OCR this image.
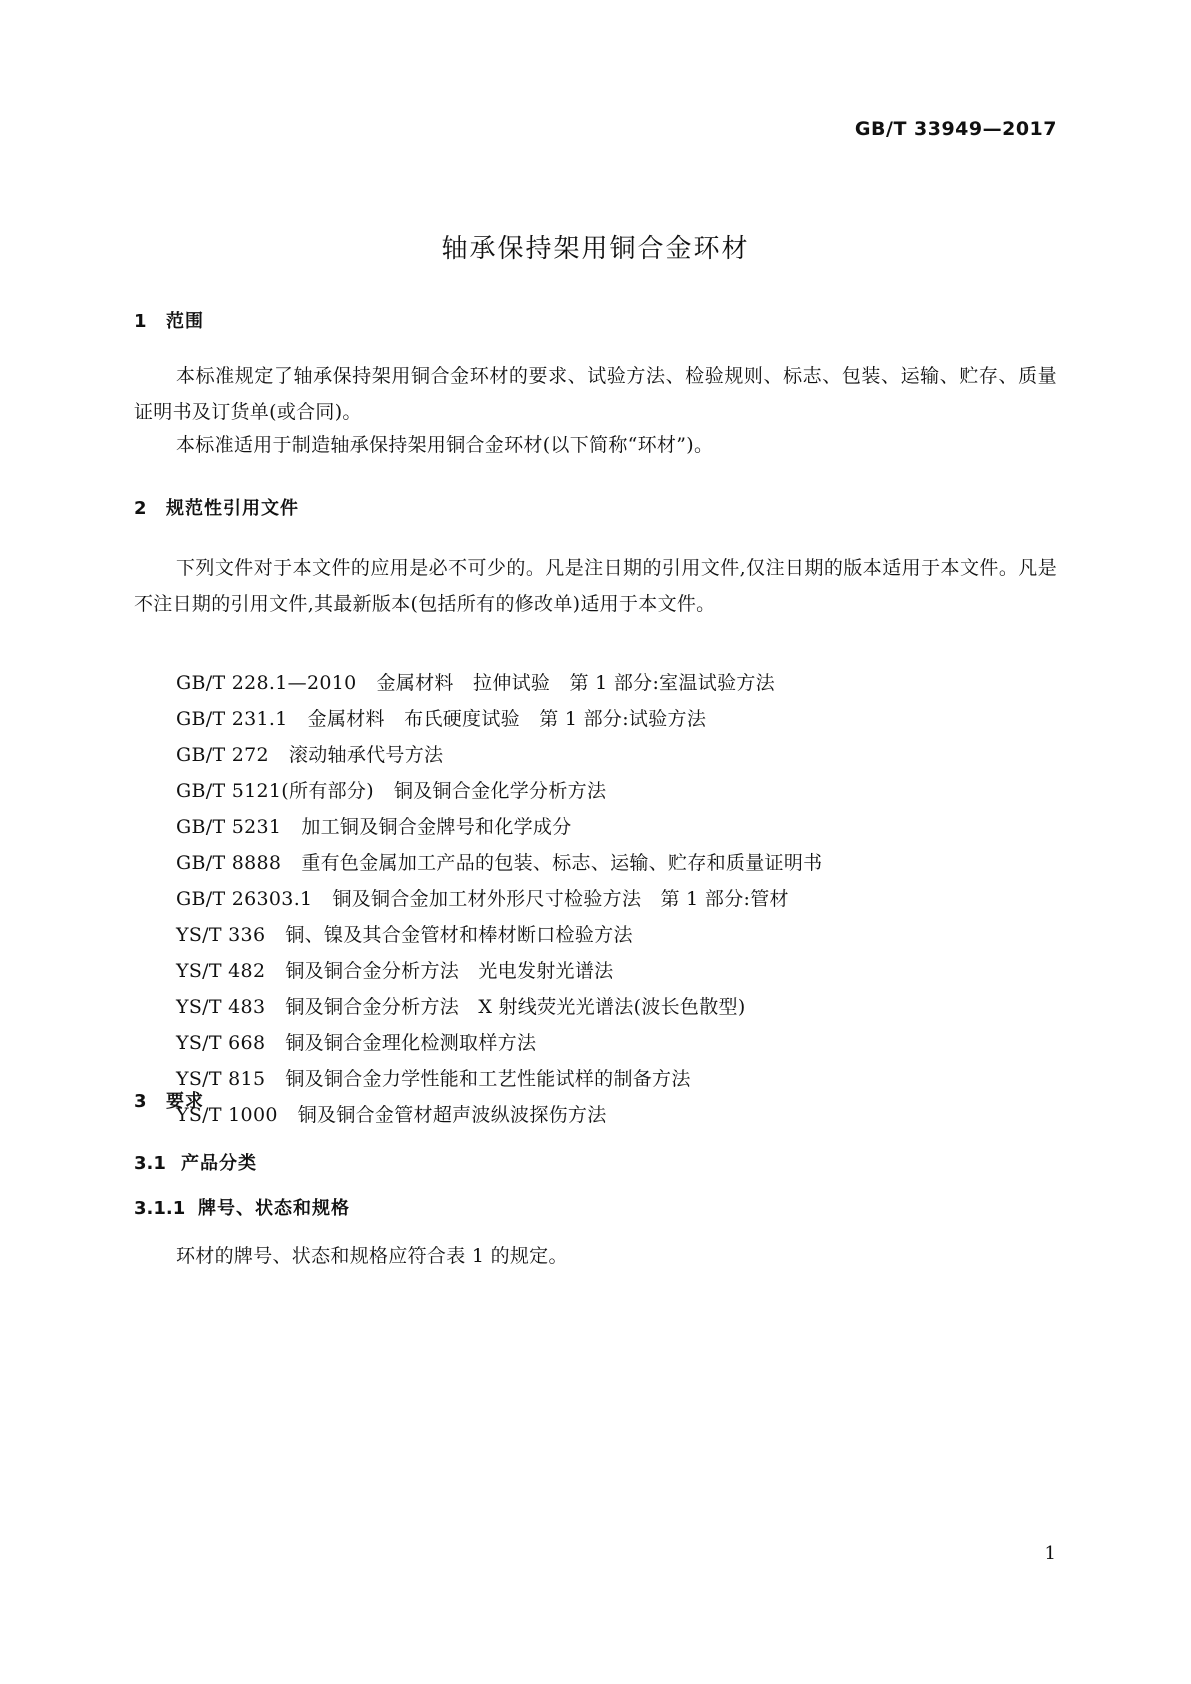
GB/T 33949—2017
轴承保持架用铜合金环材
1 范围
本标准规定了轴承保持架用铜合金环材的要求、试验方法、检验规则、标志、包装、运输、贮存、质量证明书及订货单(或合同)。
本标准适用于制造轴承保持架用铜合金环材(以下简称“环材”)。
2 规范性引用文件
下列文件对于本文件的应用是必不可少的。凡是注日期的引用文件,仅注日期的版本适用于本文件。凡是不注日期的引用文件,其最新版本(包括所有的修改单)适用于本文件。
GB/T 228.1—2010 金属材料　拉伸试验　第 1 部分:室温试验方法
GB/T 231.1 金属材料　布氏硬度试验　第 1 部分:试验方法
GB/T 272 滚动轴承代号方法
GB/T 5121(所有部分) 铜及铜合金化学分析方法
GB/T 5231 加工铜及铜合金牌号和化学成分
GB/T 8888 重有色金属加工产品的包装、标志、运输、贮存和质量证明书
GB/T 26303.1 铜及铜合金加工材外形尺寸检验方法　第 1 部分:管材
YS/T 336 铜、镍及其合金管材和棒材断口检验方法
YS/T 482 铜及铜合金分析方法　光电发射光谱法
YS/T 483 铜及铜合金分析方法　X 射线荧光光谱法(波长色散型)
YS/T 668 铜及铜合金理化检测取样方法
YS/T 815 铜及铜合金力学性能和工艺性能试样的制备方法
YS/T 1000 铜及铜合金管材超声波纵波探伤方法
3 要求
3.1 产品分类
3.1.1 牌号、状态和规格
环材的牌号、状态和规格应符合表 1 的规定。
1
